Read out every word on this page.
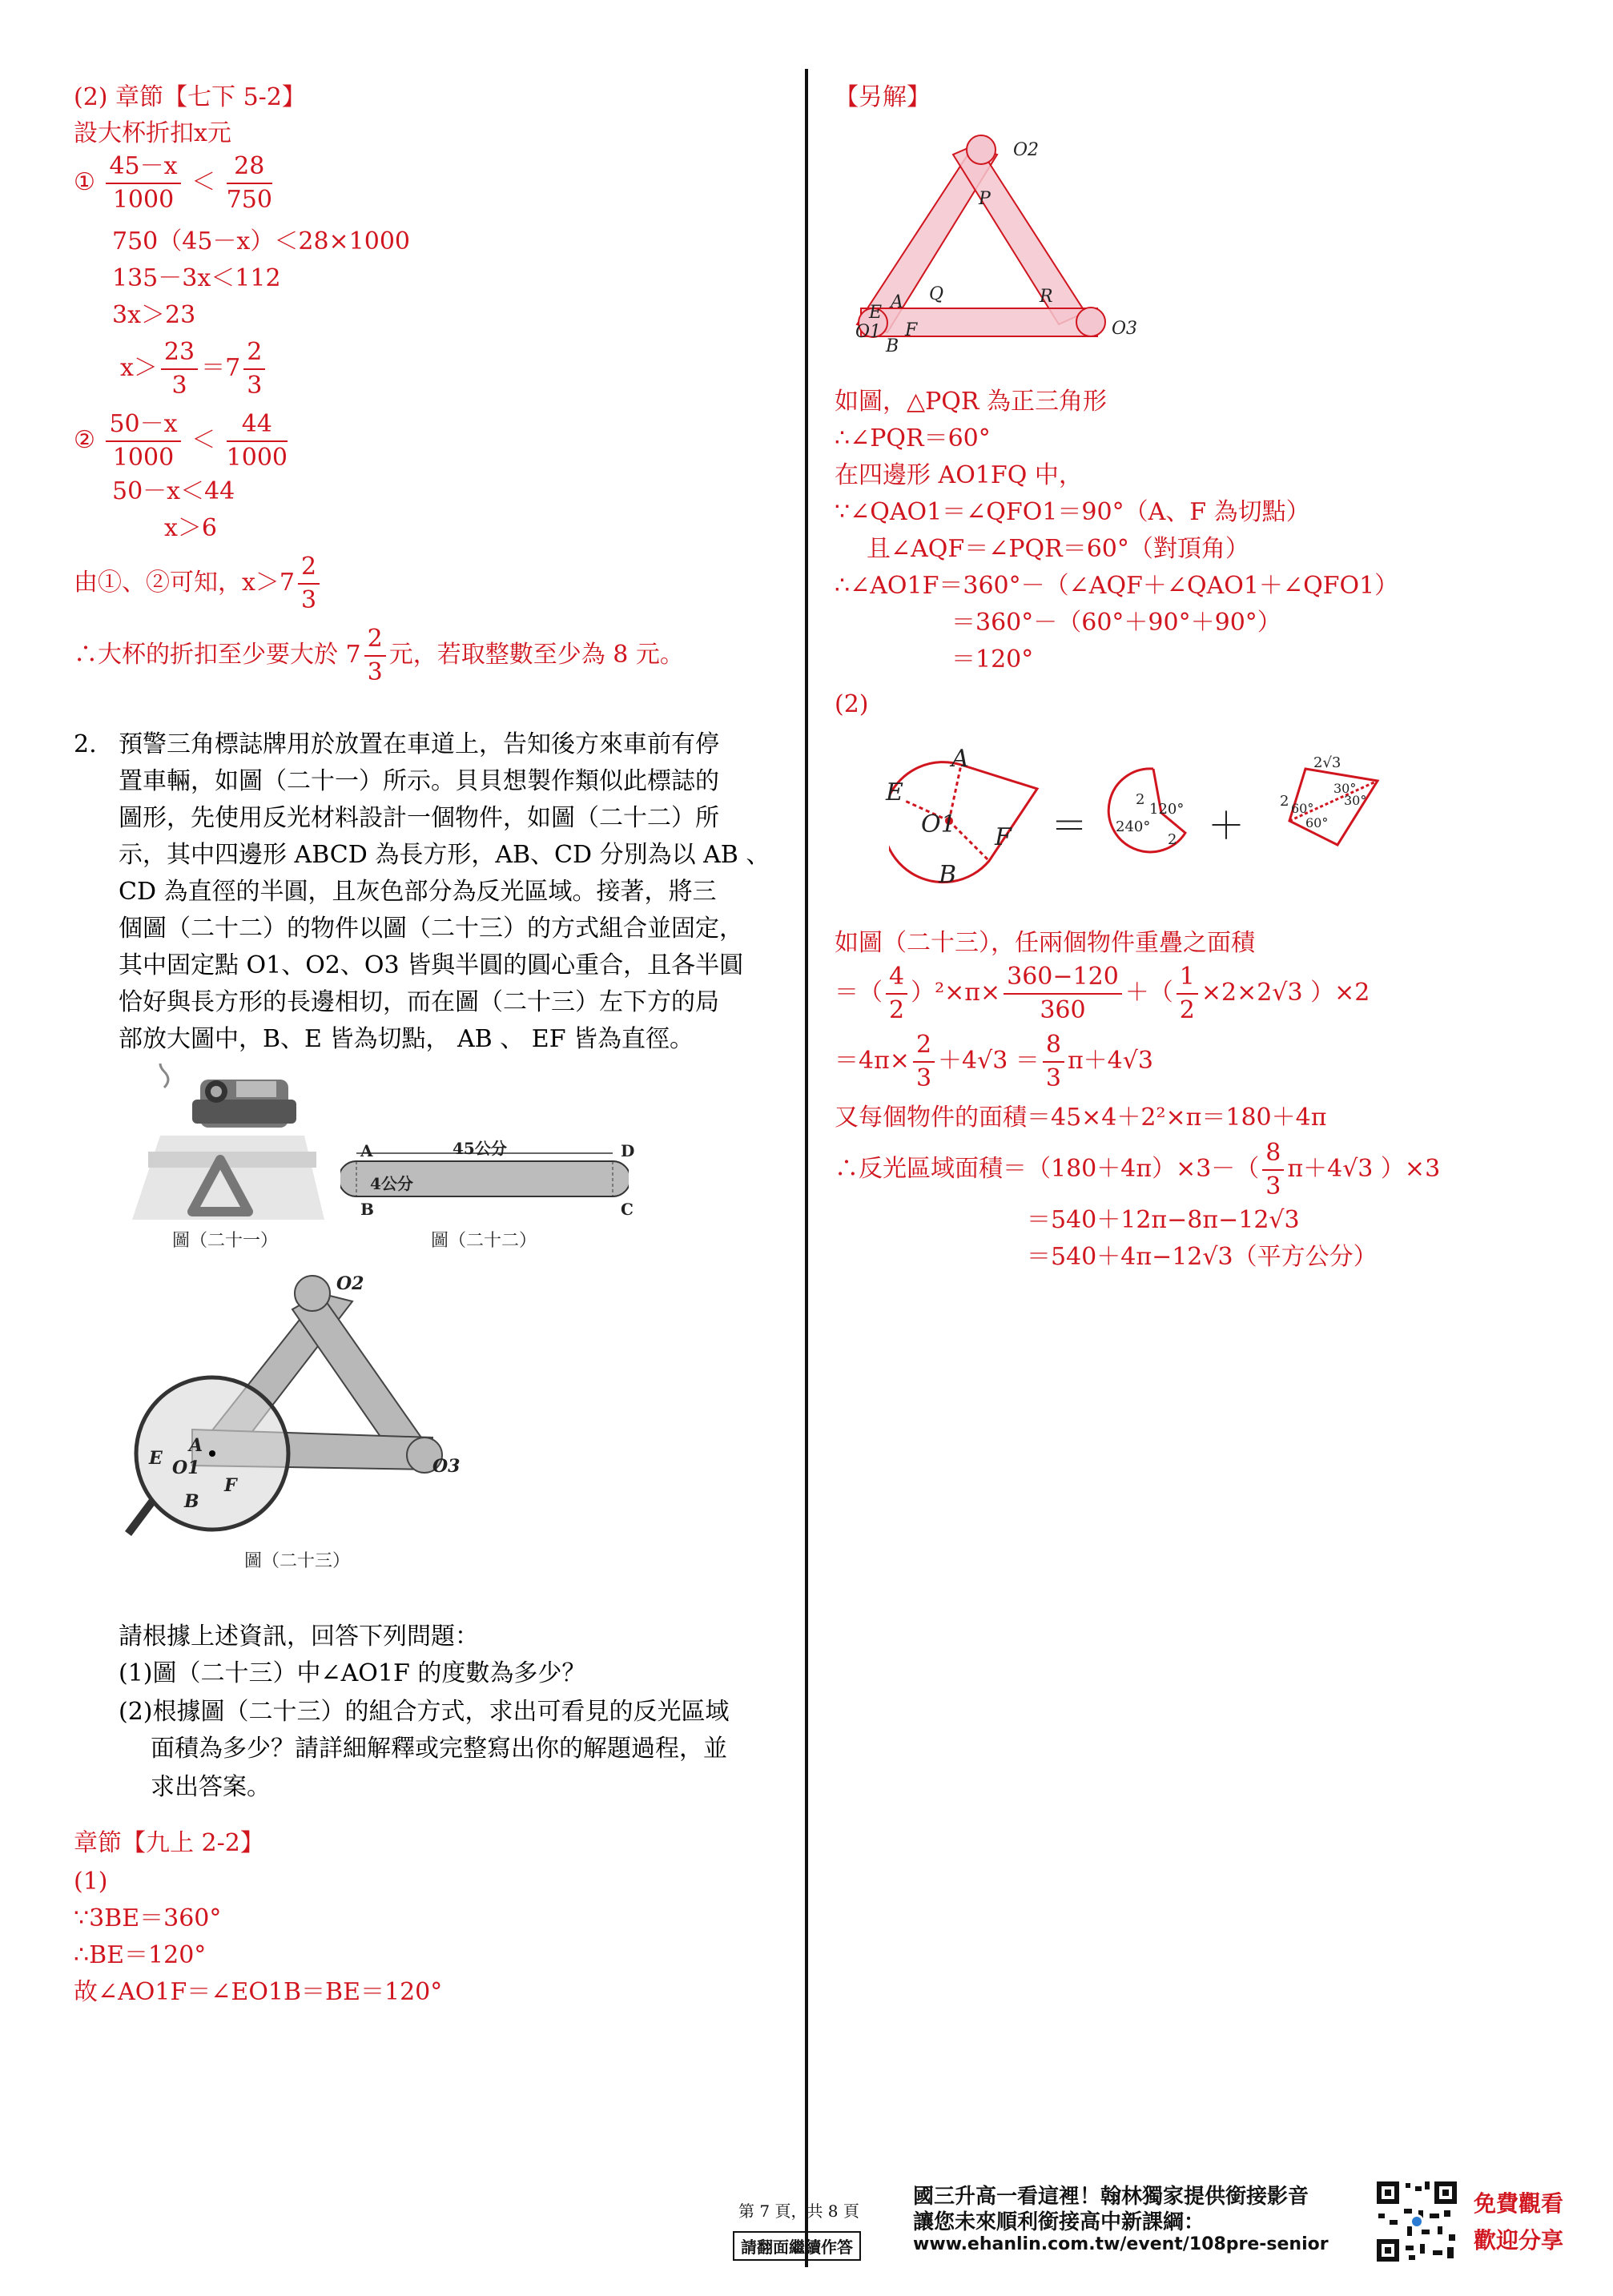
(2) 章節【七下 5-2】
設大杯折扣x元
① $\frac{45-x}{1000} < \frac{28}{750}$
750（45－x）＜28×1000
135－3x＜112
3x＞23
$x> \frac{23}{3} =7 \frac{2}{3}$
② $\frac{50-x}{1000} < \frac{44}{1000}$
50－x＜44
x＞6
由①、②可知，$x>7 \frac{2}{3}$
∴大杯的折扣至少要大於 $7 \frac{2}{3}$ 元，若取整數至少為 8 元。
2. 預警三角標誌牌用於放置在車道上，告知後方來車前有停
置車輛，如圖（二十一）所示。貝貝想製作類似此標誌的
圖形，先使用反光材料設計一個物件，如圖（二十二）所
示，其中四邊形 ABCD 為長方形，AB、CD 分別為以 AB 、
CD 為直徑的半圓，且灰色部分為反光區域。接著，將三
個圖（二十二）的物件以圖（二十三）的方式組合並固定，
其中固定點 O1、O2、O3 皆與半圓的圓心重合，且各半圓
恰好與長方形的長邊相切，而在圖（二十三）左下方的局
部放大圖中，B、E 皆為切點， AB 、 EF 皆為直徑。
圖（二十一）
A	D
B	C
45公分
4公分
圖（二十二）
A
E O1
F
B
O2
O3
圖（二十三）
請根據上述資訊，回答下列問題：
(1)圖（二十三）中∠AO1F 的度數為多少？
(2)根據圖（二十三）的組合方式，求出可看見的反光區域
面積為多少？請詳細解釋或完整寫出你的解題過程，並
求出答案。
章節【九上 2-2】
(1)
∵3BE＝360°
∴BE＝120°
故∠AO1F＝∠EO1B＝BE＝120°
【另解】
O2
P
Q	R
A
E
O1
B
F	O3
如圖，△PQR 為正三角形
∴∠PQR＝60°
在四邊形 AO1FQ 中，
∵∠QAO1＝∠QFO1＝90°（A、F 為切點）
且∠AQF＝∠PQR＝60°（對頂角）
∴∠AO1F＝360°－（∠AQF＋∠QAO1＋∠QFO1）
＝360°－（60°＋90°＋90°）
＝120°
(2)
A
E
O1 F
B
＝	＋
2
120°
240°
2
2√3
30°
30°
2 60°
60°
如圖（二十三），任兩個物件重疊之面積
＝（ $\frac{4}{2} )^2\times\pi\times \frac{360-120}{360}$ ＋（ $\frac{1}{2} \times 2\times 2√3$ ）×2
$=4\pi\times \frac{2}{3} +4√3 = \frac{8}{3} \pi+4√3$
又每個物件的面積＝45×4＋2²×π＝180＋4π
∴反光區域面積$=(180+4\pi)\times 3-( \frac{8}{3} \pi+4√3$ ）×3
＝540＋12π−8π−12√3
＝540＋4π−12√3（平方公分）
第 7 頁，共 8 頁
請翻面繼續作答
國三升高一看這裡！翰林獨家提供銜接影音
讓您未來順利銜接高中新課綱：
www.ehanlin.com.tw/event/108pre-senior
免費觀看
歡迎分享
